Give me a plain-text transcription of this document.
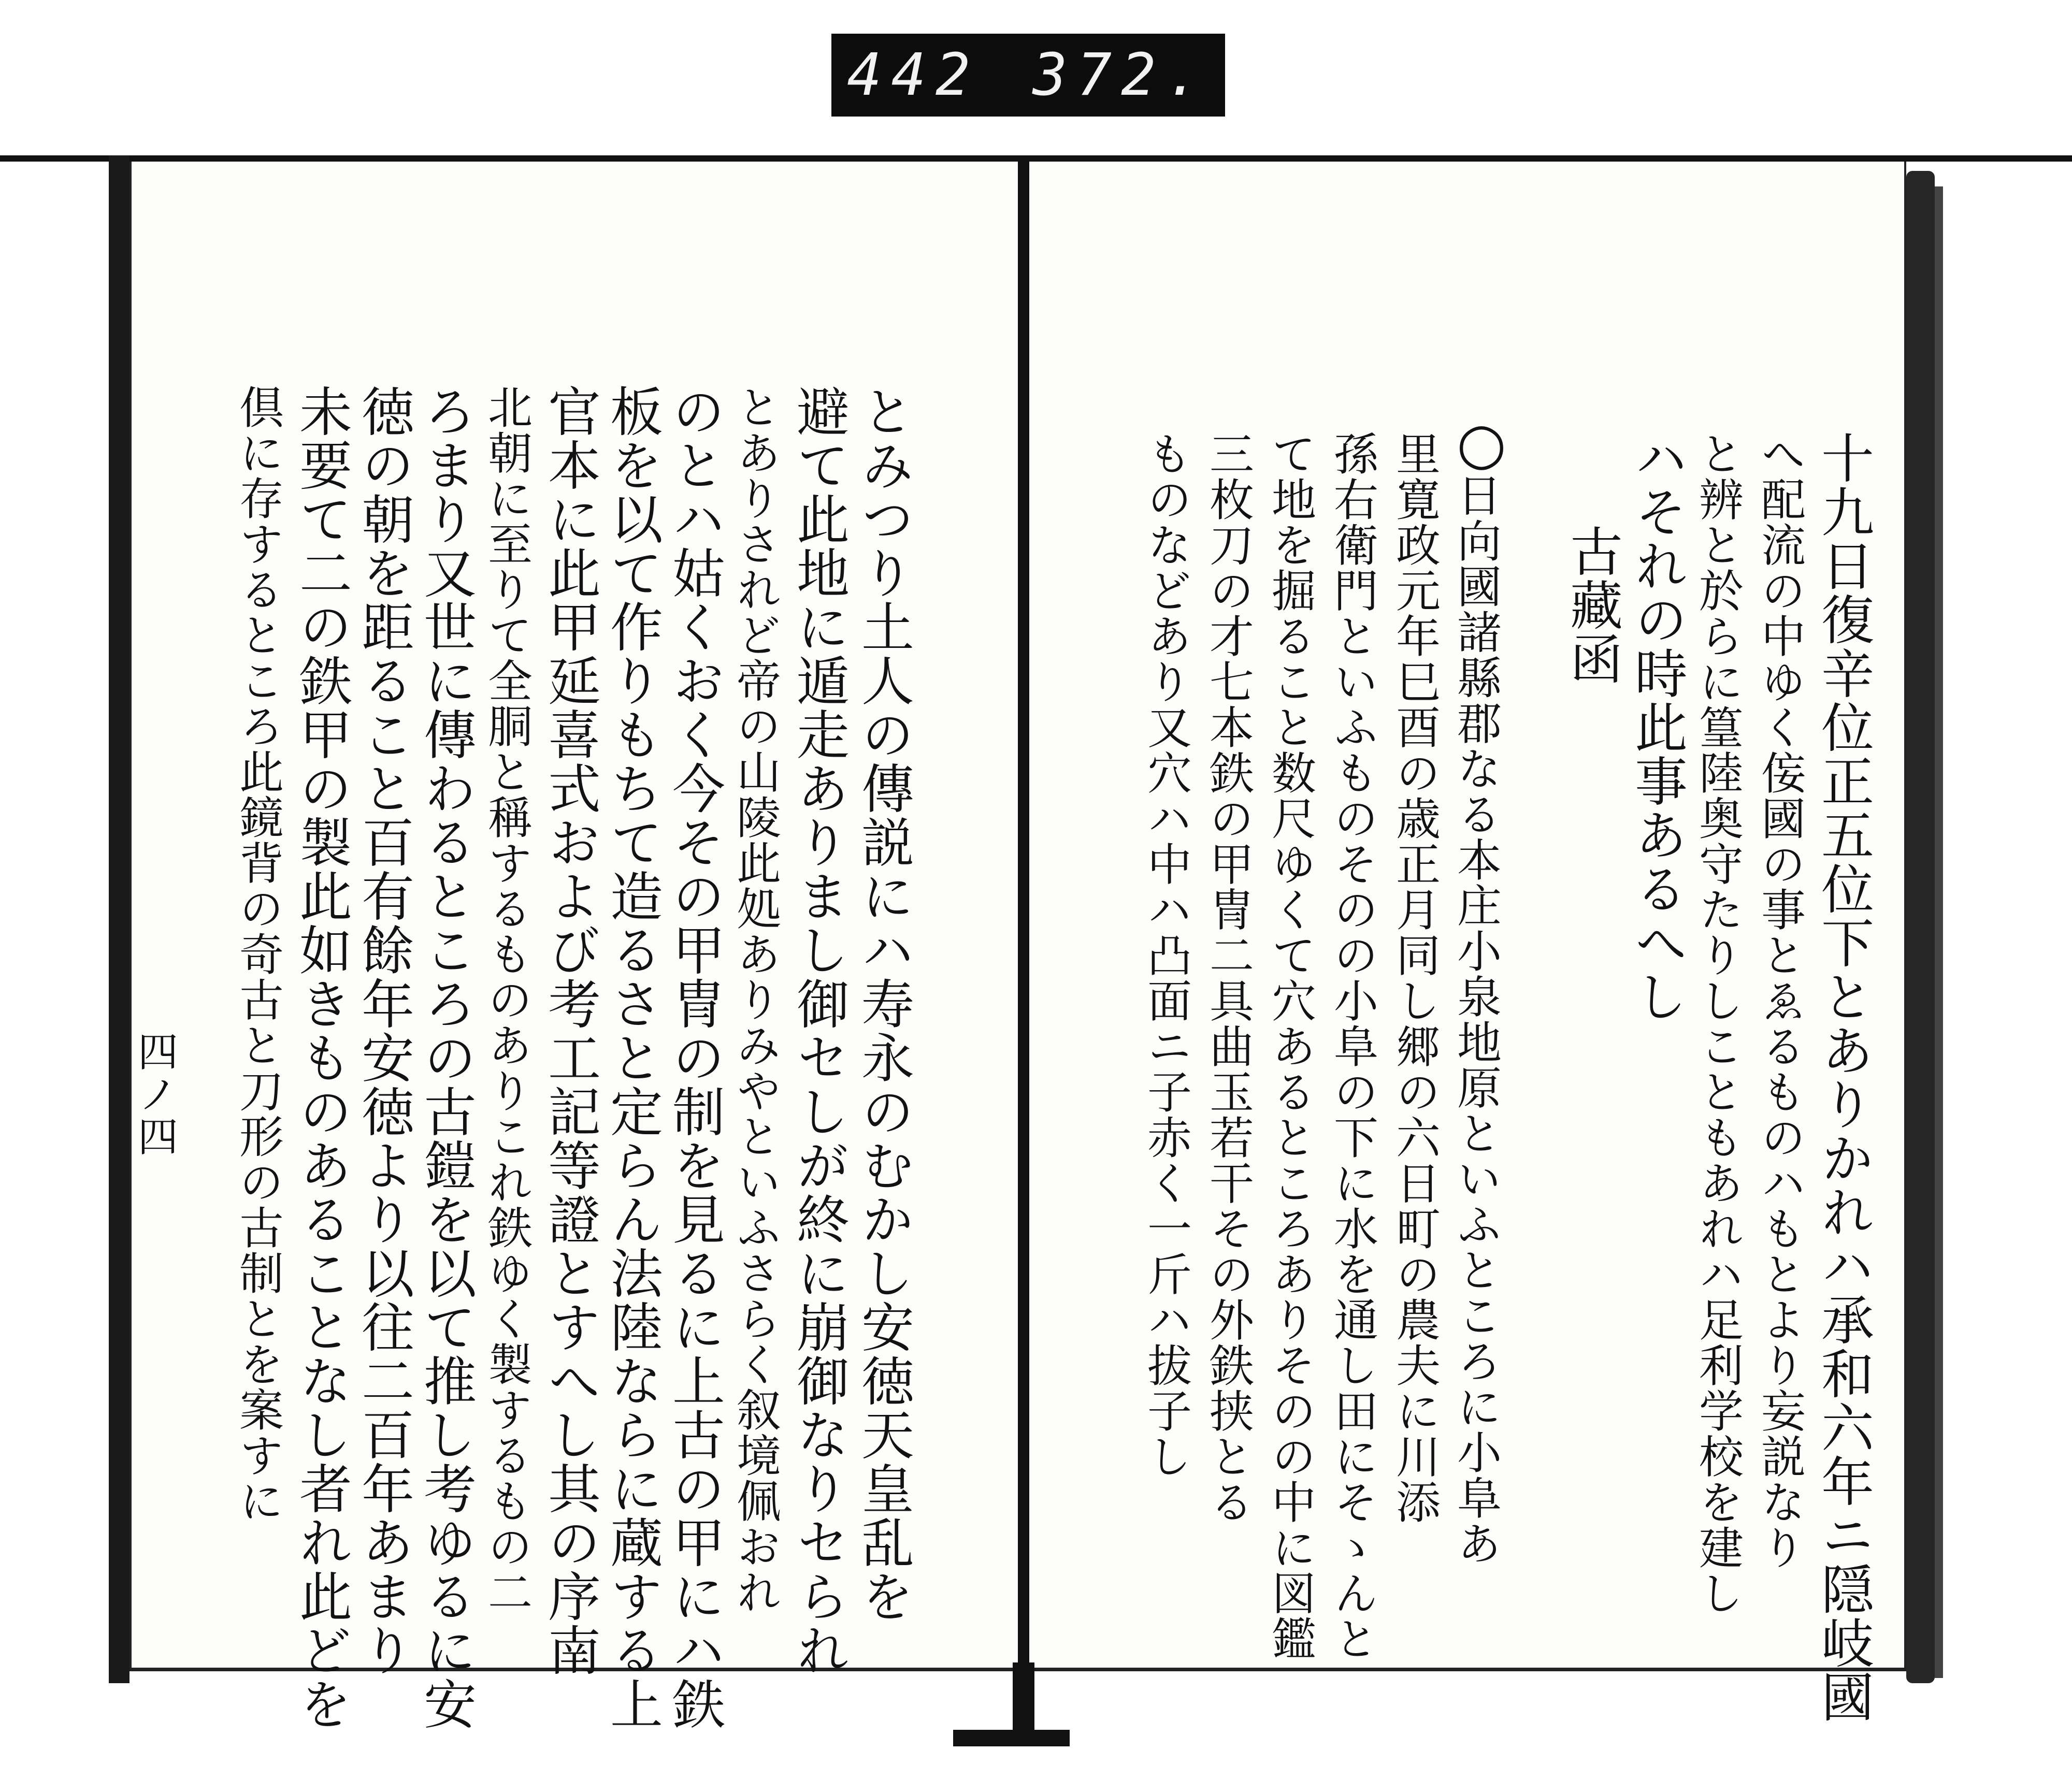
442 372.
とみつり土人の傳説にハ寿永のむかし安徳天皇乱を
避て此地に遁走ありまし御セしが終に崩御なりセられ
とありされど帝の山陵此処ありみやといふさらく叙境佩おれ
のとハ姑くおく今その甲冑の制を見るに上古の甲にハ鉄
板を以て作りもちて造るさと定らん法陸ならに蔵する上
官本に此甲延喜式および考工記等證とすへし其の序南
北朝に至りて全胴と稱するものありこれ鉄ゆく製するもの二
ろまり又世に傳わるところの古鎧を以て推し考ゆるに安
徳の朝を距ること百有餘年安徳より以往二百年あまり
未要て二の鉄甲の製此如きものあることなし者れ此どを
倶に存するところ此鏡背の奇古と刀形の古制とを案すに
四ノ四	十九日復辛位正五位下とありかれハ承和六年ニ隠岐國
へ配流の中ゆく侫國の事とゑるものハもとより妄説なり
と辨と於らに篁陸奥守たりしこともあれハ足利学校を建し
ハそれの時此事あるへし
古藏函
○
日向國諸縣郡なる本庄小泉地原といふところに小阜あ
里寛政元年巳酉の歳正月同し郷の六日町の農夫に川添
孫右衛門といふものそのの小阜の下に水を通し田にそゝんと
て地を掘ること数尺ゆくて穴あるところありそのの中に図鑑
三枚刀の才七本鉄の甲冑二具曲玉若干その外鉄挟とる
ものなどあり又穴ハ中ハ凸面ニ子赤く一斤ハ拔子し
